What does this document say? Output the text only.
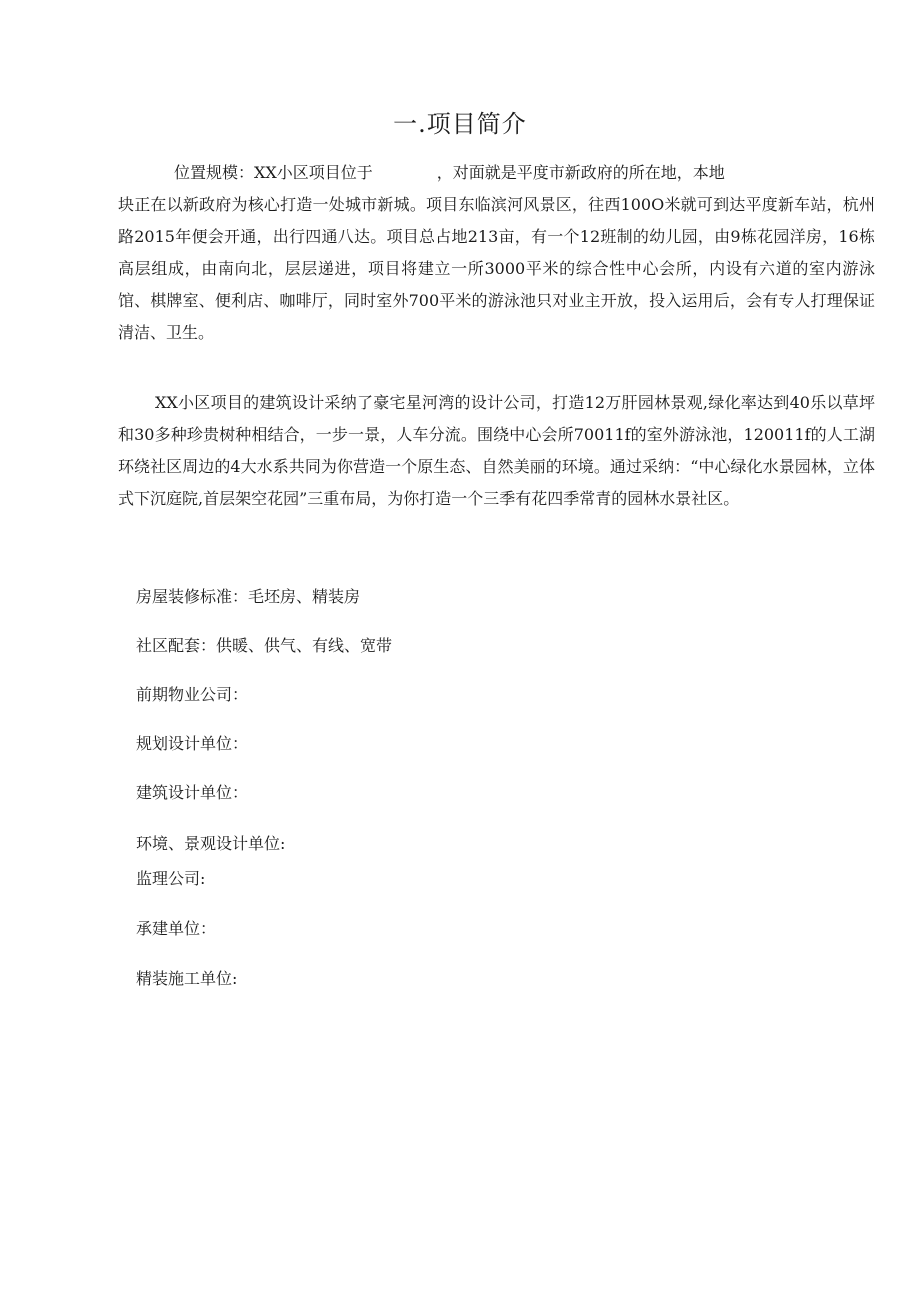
一.项目简介
位置规模：XX小区项目位于	，对面就是平度市新政府的所在地，本地
块正在以新政府为核心打造一处城市新城。项目东临滨河风景区，往西100O米就可到达平度新车站，杭州路2015年便会开通，出行四通八达。项目总占地213亩，有一个12班制的幼儿园，由9栋花园洋房，16栋高层组成，由南向北，层层递进，项目将建立一所3000平米的综合性中心会所，内设有六道的室内游泳馆、棋牌室、便利店、咖啡厅，同时室外700平米的游泳池只对业主开放，投入运用后，会有专人打理保证清洁、卫生。
XX小区项目的建筑设计采纳了豪宅星河湾的设计公司，打造12万肝园林景观,绿化率达到40乐以草坪和30多种珍贵树种相结合，一步一景，人车分流。围绕中心会所70011f的室外游泳池，120011f的人工湖环绕社区周边的4大水系共同为你营造一个原生态、自然美丽的环境。通过采纳：“中心绿化水景园林，立体式下沉庭院,首层架空花园”三重布局，为你打造一个三季有花四季常青的园林水景社区。
房屋装修标准：毛坯房、精装房
社区配套：供暖、供气、有线、宽带
前期物业公司：
规划设计单位：
建筑设计单位：
环境、景观设计单位:
监理公司:
承建单位：
精装施工单位:
